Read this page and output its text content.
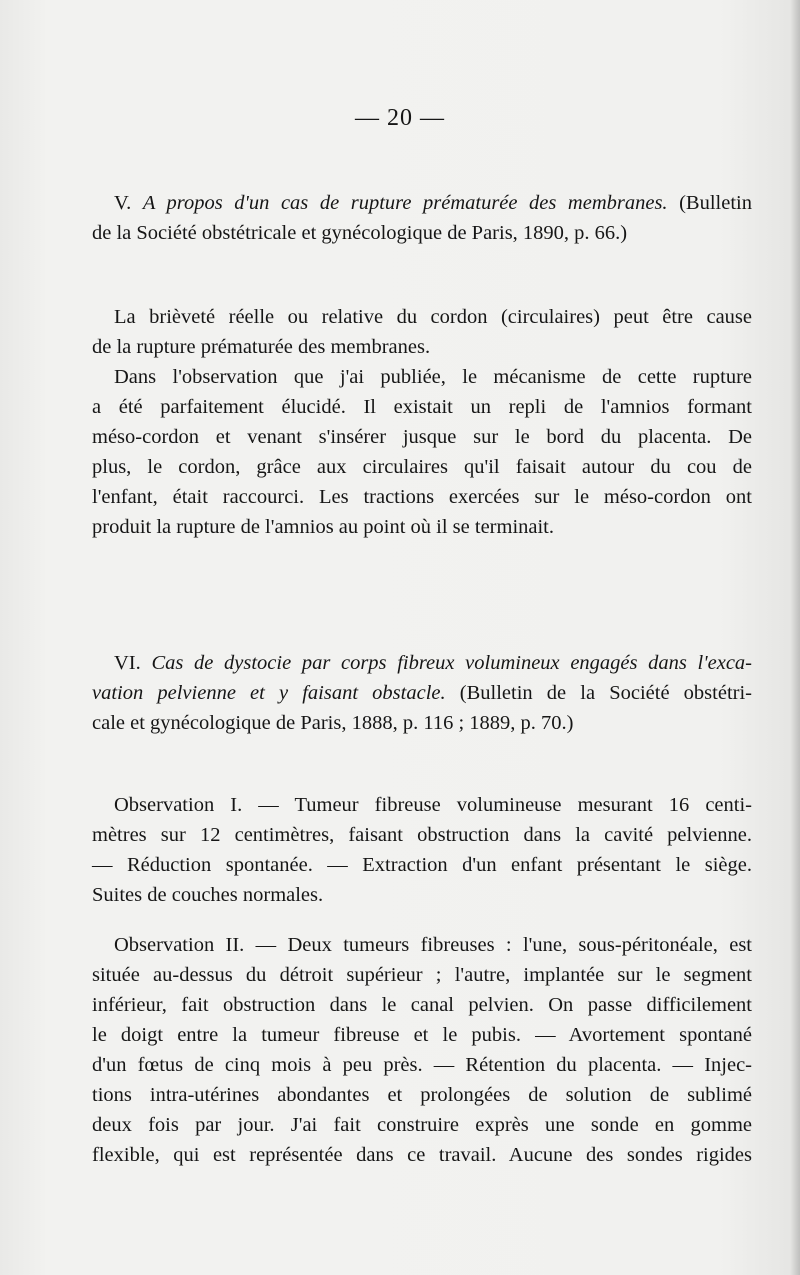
— 20 —
V. A propos d'un cas de rupture prématurée des membranes. (Bulletin
de la Société obstétricale et gynécologique de Paris, 1890, p. 66.)
La brièveté réelle ou relative du cordon (circulaires) peut être cause
de la rupture prématurée des membranes.
Dans l'observation que j'ai publiée, le mécanisme de cette rupture
a été parfaitement élucidé. Il existait un repli de l'amnios formant
méso-cordon et venant s'insérer jusque sur le bord du placenta. De
plus, le cordon, grâce aux circulaires qu'il faisait autour du cou de
l'enfant, était raccourci. Les tractions exercées sur le méso-cordon ont
produit la rupture de l'amnios au point où il se terminait.
VI. Cas de dystocie par corps fibreux volumineux engagés dans l'exca-
vation pelvienne et y faisant obstacle. (Bulletin de la Société obstétri-
cale et gynécologique de Paris, 1888, p. 116 ; 1889, p. 70.)
Observation I. — Tumeur fibreuse volumineuse mesurant 16 centi-
mètres sur 12 centimètres, faisant obstruction dans la cavité pelvienne.
— Réduction spontanée. — Extraction d'un enfant présentant le siège.
Suites de couches normales.
Observation II. — Deux tumeurs fibreuses : l'une, sous-péritonéale, est
située au-dessus du détroit supérieur ; l'autre, implantée sur le segment
inférieur, fait obstruction dans le canal pelvien. On passe difficilement
le doigt entre la tumeur fibreuse et le pubis. — Avortement spontané
d'un fœtus de cinq mois à peu près. — Rétention du placenta. — Injec-
tions intra-utérines abondantes et prolongées de solution de sublimé
deux fois par jour. J'ai fait construire exprès une sonde en gomme
flexible, qui est représentée dans ce travail. Aucune des sondes rigides
